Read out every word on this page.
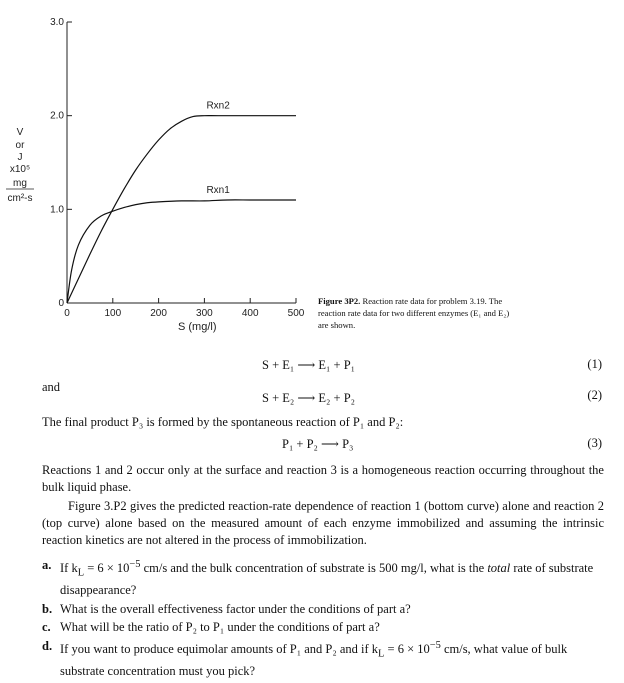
0	100	200	300	400	500
0
1.0
2.0
3.0
Rxn2
Rxn1
V
or
J
x10⁵
mg
cm²-s
S (mg/l)
Figure 3P2. Reaction rate data for problem 3.19. The reaction rate data for two different enzymes (E₁ and E₂) are shown.
S + E₁ ⟶ E₁ + P₁	(1)
and
S + E₂ ⟶ E₂ + P₂	(2)
The final product P₃ is formed by the spontaneous reaction of P₁ and P₂:
P₁ + P₂ ⟶ P₃	(3)
Reactions 1 and 2 occur only at the surface and reaction 3 is a homogeneous reaction occurring throughout the bulk liquid phase.
Figure 3.P2 gives the predicted reaction-rate dependence of reaction 1 (bottom curve) alone and reaction 2 (top curve) alone based on the measured amount of each enzyme immobilized and assuming the intrinsic reaction kinetics are not altered in the process of immobilization.
a. If $k_L = 6 \times 10^{-5}$ cm/s and the bulk concentration of substrate is 500 mg/l, what is the total rate of substrate disappearance?
b. What is the overall effectiveness factor under the conditions of part a?
c. What will be the ratio of P₂ to P₁ under the conditions of part a?
d. If you want to produce equimolar amounts of P₁ and P₂ and if $k_L = 6 \times 10^{-5}$ cm/s, what value of bulk substrate concentration must you pick?
